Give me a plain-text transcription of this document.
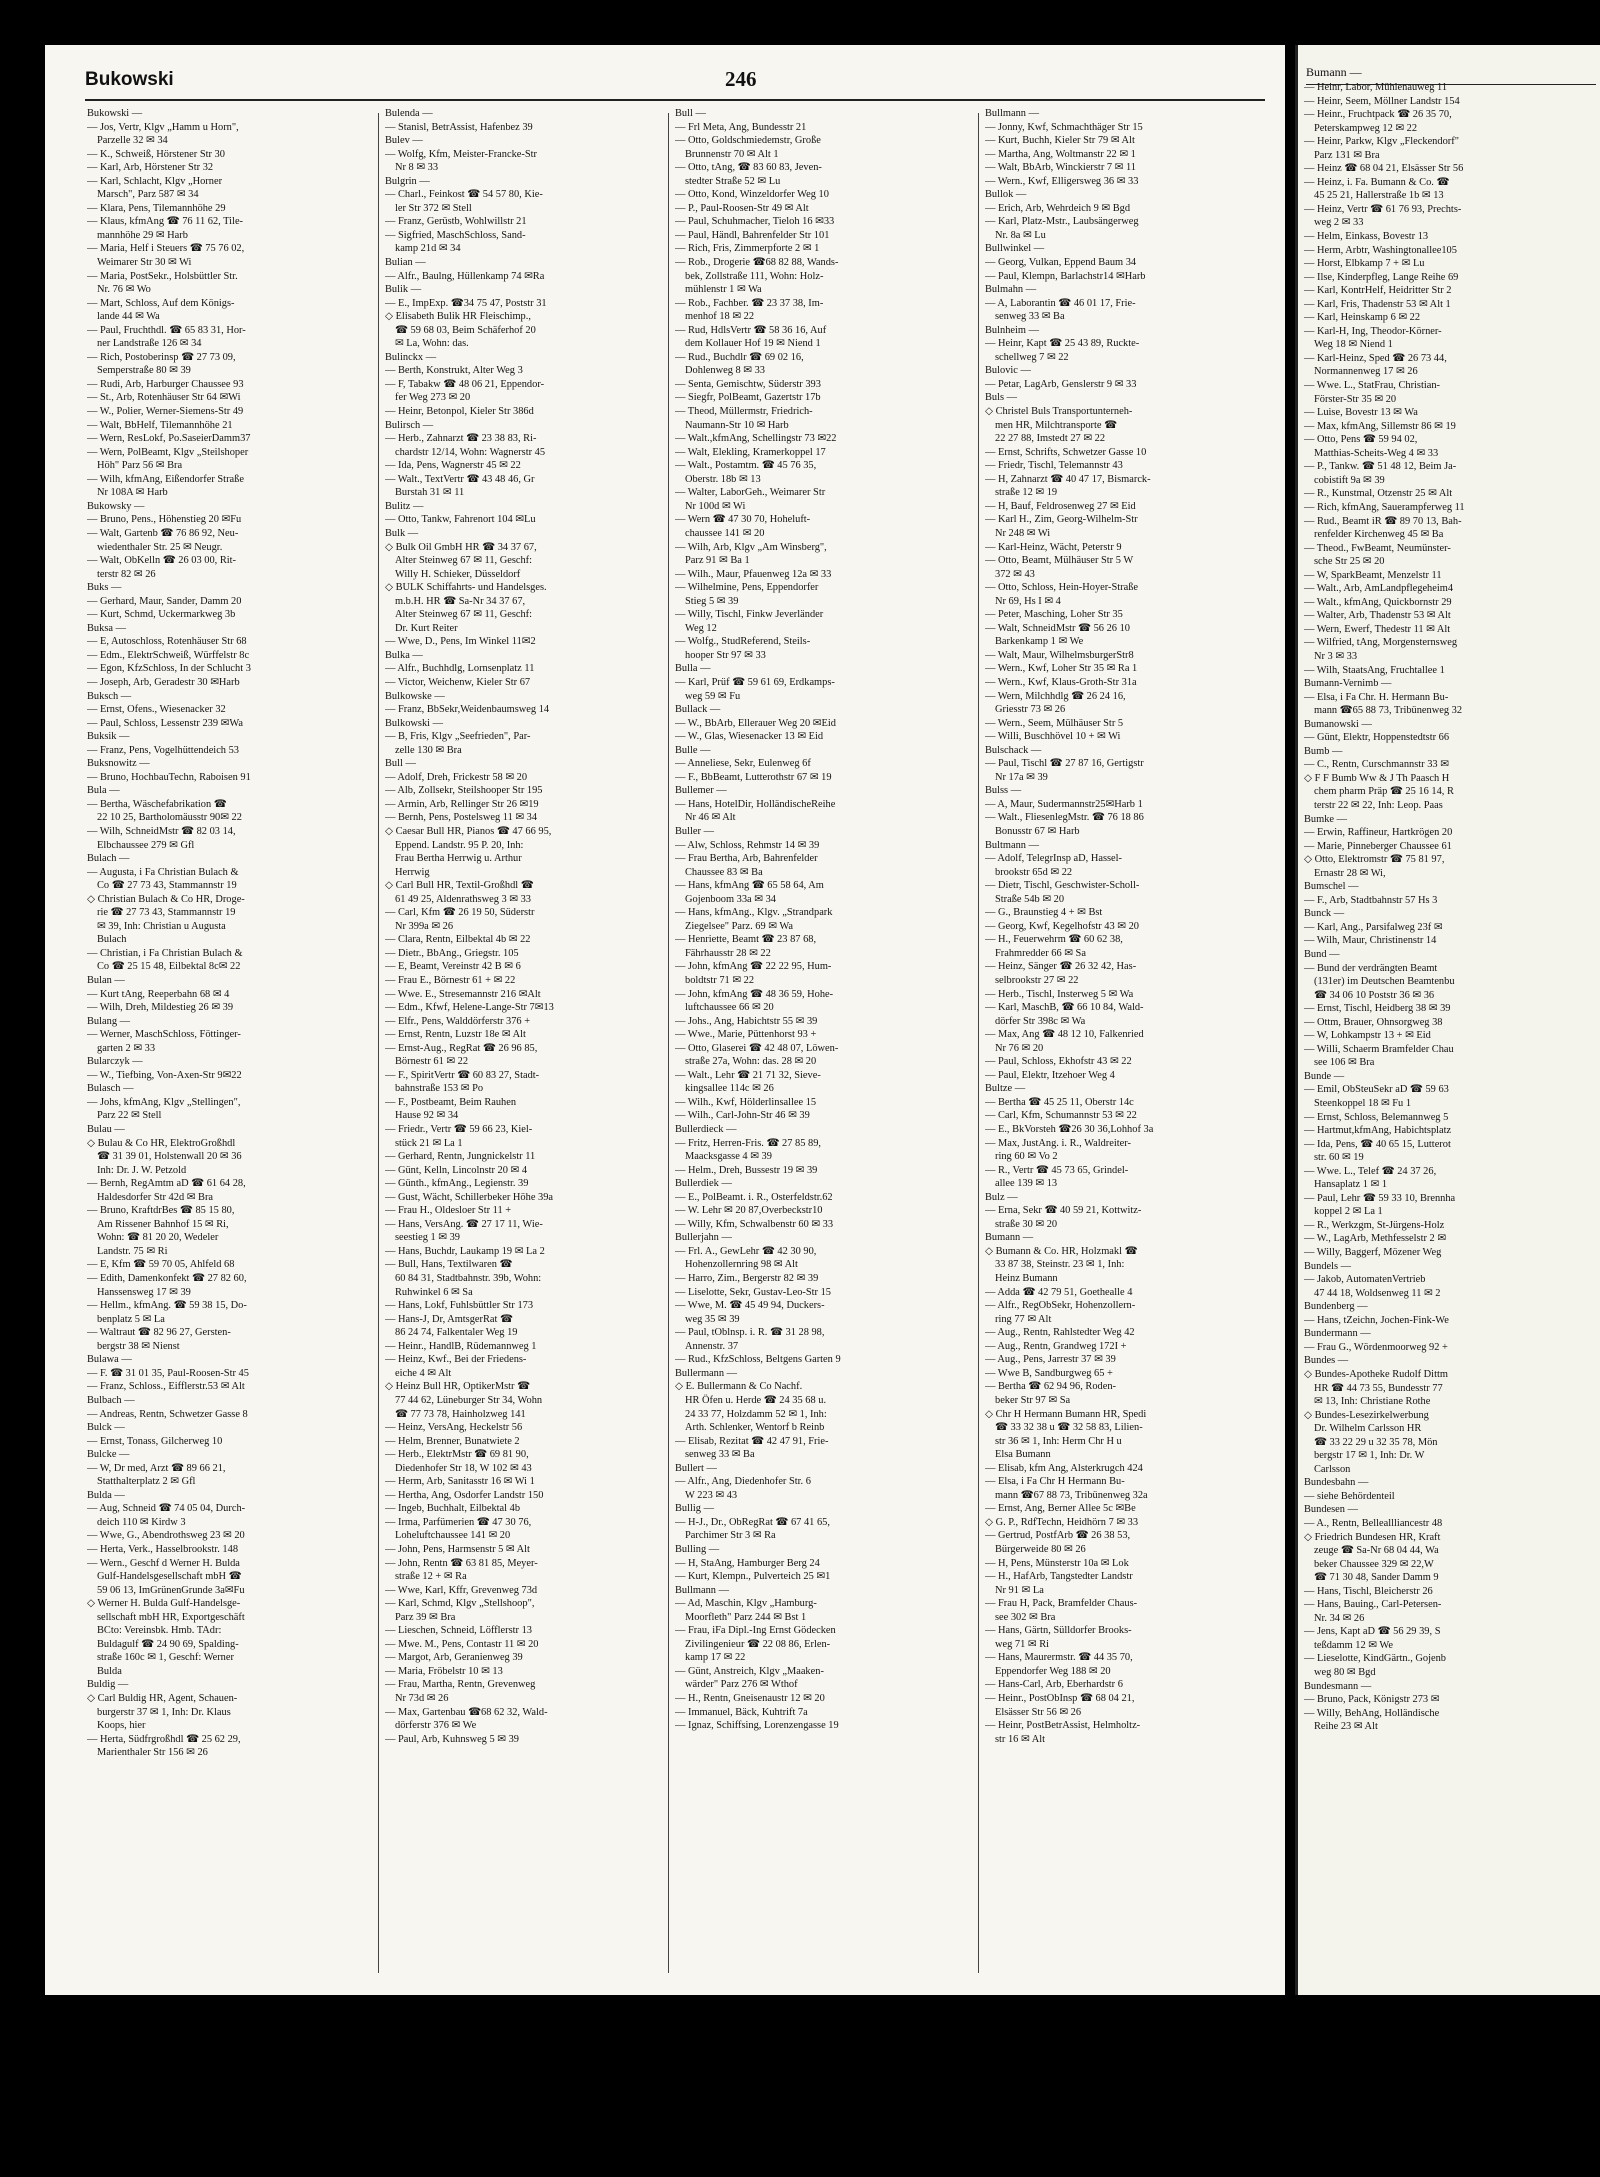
Bukowski	246
Bukowski —
— Jos, Vertr, Klgv „Hamm u Horn",
Parzelle 32 ✉ 34
— K., Schweiß, Hörstener Str 30
— Karl, Arb, Hörstener Str 32
— Karl, Schlacht, Klgv „Horner
Marsch", Parz 587 ✉ 34
— Klara, Pens, Tilemannhöhe 29
— Klaus, kfmAng ☎ 76 11 62, Tile-
mannhöhe 29 ✉ Harb
— Maria, Helf i Steuers ☎ 75 76 02,
Weimarer Str 30 ✉ Wi
— Maria, PostSekr., Holsbüttler Str.
Nr. 76 ✉ Wo
— Mart, Schloss, Auf dem Königs-
lande 44 ✉ Wa
— Paul, Fruchthdl. ☎ 65 83 31, Hor-
ner Landstraße 126 ✉ 34
— Rich, Postoberinsp ☎ 27 73 09,
Semperstraße 80 ✉ 39
— Rudi, Arb, Harburger Chaussee 93
— St., Arb, Rotenhäuser Str 64 ✉Wi
— W., Polier, Werner-Siemens-Str 49
— Walt, BbHelf, Tilemannhöhe 21
— Wern, ResLokf, Po.SaseierDamm37
— Wern, PolBeamt, Klgv „Steilshoper
Höh" Parz 56 ✉ Bra
— Wilh, kfmAng, Eißendorfer Straße
Nr 108A ✉ Harb
Bukowsky —
— Bruno, Pens., Höhenstieg 20 ✉Fu
— Walt, Gartenb ☎ 76 86 92, Neu-
wiedenthaler Str. 25 ✉ Neugr.
— Walt, ObKelln ☎ 26 03 00, Rit-
terstr 82 ✉ 26
Buks —
— Gerhard, Maur, Sander, Damm 20
— Kurt, Schmd, Uckermarkweg 3b
Buksa —
— E, Autoschloss, Rotenhäuser Str 68
— Edm., ElektrSchweiß, Würffelstr 8c
— Egon, KfzSchloss, In der Schlucht 3
— Joseph, Arb, Geradestr 30 ✉Harb
Buksch —
— Ernst, Ofens., Wiesenacker 32
— Paul, Schloss, Lessenstr 239 ✉Wa
Buksik —
— Franz, Pens, Vogelhüttendeich 53
Buksnowitz —
— Bruno, HochbauTechn, Raboisen 91
Bula —
— Bertha, Wäschefabrikation ☎
22 10 25, Bartholomäusstr 90✉ 22
— Wilh, SchneidMstr ☎ 82 03 14,
Elbchaussee 279 ✉ Gfl
Bulach —
— Augusta, i Fa Christian Bulach &
Co ☎ 27 73 43, Stammannstr 19
◇ Christian Bulach & Co HR, Droge-
rie ☎ 27 73 43, Stammannstr 19
✉ 39, Inh: Christian u Augusta
Bulach
— Christian, i Fa Christian Bulach &
Co ☎ 25 15 48, Eilbektal 8c✉ 22
Bulan —
— Kurt tAng, Reeperbahn 68 ✉ 4
— Wilh, Dreh, Mildestieg 26 ✉ 39
Bulang —
— Werner, MaschSchloss, Föttinger-
garten 2 ✉ 33
Bularczyk —
— W., Tiefbing, Von-Axen-Str 9✉22
Bulasch —
— Johs, kfmAng, Klgv „Stellingen",
Parz 22 ✉ Stell
Bulau —
◇ Bulau & Co HR, ElektroGroßhdl
☎ 31 39 01, Holstenwall 20 ✉ 36
Inh: Dr. J. W. Petzold
— Bernh, RegAmtm aD ☎ 61 64 28,
Haldesdorfer Str 42d ✉ Bra
— Bruno, KraftdrBes ☎ 85 15 80,
Am Rissener Bahnhof 15 ✉ Ri,
Wohn: ☎ 81 20 20, Wedeler
Landstr. 75 ✉ Ri
— E, Kfm ☎ 59 70 05, Ahlfeld 68
— Edith, Damenkonfekt ☎ 27 82 60,
Hanssensweg 17 ✉ 39
— Hellm., kfmAng. ☎ 59 38 15, Do-
benplatz 5 ✉ La
— Waltraut ☎ 82 96 27, Gersten-
bergstr 38 ✉ Nienst
Bulawa —
— F. ☎ 31 01 35, Paul-Roosen-Str 45
— Franz, Schloss., Eifflerstr.53 ✉ Alt
Bulbach —
— Andreas, Rentn, Schwetzer Gasse 8
Bulck —
— Ernst, Tonass, Gilcherweg 10
Bulcke —
— W, Dr med, Arzt ☎ 89 66 21,
Statthalterplatz 2 ✉ Gfl
Bulda —
— Aug, Schneid ☎ 74 05 04, Durch-
deich 110 ✉ Kirdw 3
— Wwe, G., Abendrothsweg 23 ✉ 20
— Herta, Verk., Hasselbrookstr. 148
— Wern., Geschf d Werner H. Bulda
Gulf-Handelsgesellschaft mbH ☎
59 06 13, ImGrünenGrunde 3a✉Fu
◇ Werner H. Bulda Gulf-Handelsge-
sellschaft mbH HR, Exportgeschäft
BCto: Vereinsbk. Hmb. TAdr:
Buldagulf ☎ 24 90 69, Spalding-
straße 160c ✉ 1, Geschf: Werner
Bulda
Buldig —
◇ Carl Buldig HR, Agent, Schauen-
burgerstr 37 ✉ 1, Inh: Dr. Klaus
Koops, hier
— Herta, Südfrgroßhdl ☎ 25 62 29,
Marienthaler Str 156 ✉ 26
Bulenda —
— Stanisl, BetrAssist, Hafenbez 39
Bulev —
— Wolfg, Kfm, Meister-Francke-Str
Nr 8 ✉ 33
Bulgrin —
— Charl., Feinkost ☎ 54 57 80, Kie-
ler Str 372 ✉ Stell
— Franz, Gerüstb, Wohlwillstr 21
— Sigfried, MaschSchloss, Sand-
kamp 21d ✉ 34
Bulian —
— Alfr., Baulng, Hüllenkamp 74 ✉Ra
Bulik —
— E., ImpExp. ☎34 75 47, Poststr 31
◇ Elisabeth Bulik HR Fleischimp.,
☎ 59 68 03, Beim Schäferhof 20
✉ La, Wohn: das.
Bulinckx —
— Berth, Konstrukt, Alter Weg 3
— F, Tabakw ☎ 48 06 21, Eppendor-
fer Weg 273 ✉ 20
— Heinr, Betonpol, Kieler Str 386d
Bulirsch —
— Herb., Zahnarzt ☎ 23 38 83, Ri-
chardstr 12/14, Wohn: Wagnerstr 45
— Ida, Pens, Wagnerstr 45 ✉ 22
— Walt., TextVertr ☎ 43 48 46, Gr
Burstah 31 ✉ 11
Bulitz —
— Otto, Tankw, Fahrenort 104 ✉Lu
Bulk —
◇ Bulk Oil GmbH HR ☎ 34 37 67,
Alter Steinweg 67 ✉ 11, Geschf:
Willy H. Schieker, Düsseldorf
◇ BULK Schiffahrts- und Handelsges.
m.b.H. HR ☎ Sa-Nr 34 37 67,
Alter Steinweg 67 ✉ 11, Geschf:
Dr. Kurt Reiter
— Wwe, D., Pens, Im Winkel 11✉2
Bulka —
— Alfr., Buchhdlg, Lornsenplatz 11
— Victor, Weichenw, Kieler Str 67
Bulkowske —
— Franz, BbSekr,Weidenbaumsweg 14
Bulkowski —
— B, Fris, Klgv „Seefrieden", Par-
zelle 130 ✉ Bra
Bull —
— Adolf, Dreh, Frickestr 58 ✉ 20
— Alb, Zollsekr, Steilshooper Str 195
— Armin, Arb, Rellinger Str 26 ✉19
— Bernh, Pens, Postelsweg 11 ✉ 34
◇ Caesar Bull HR, Pianos ☎ 47 66 95,
Eppend. Landstr. 95 P. 20, Inh:
Frau Bertha Herrwig u. Arthur
Herrwig
◇ Carl Bull HR, Textil-Großhdl ☎
61 49 25, Aldenrathsweg 3 ✉ 33
— Carl, Kfm ☎ 26 19 50, Süderstr
Nr 399a ✉ 26
— Clara, Rentn, Eilbektal 4b ✉ 22
— Dietr., BbAng., Griegstr. 105
— E, Beamt, Vereinstr 42 B ✉ 6
— Frau E., Börnestr 61 + ✉ 22
— Wwe. E., Stresemannstr 216 ✉Alt
— Edm., Kfwf, Helene-Lange-Str 7✉13
— Elfr., Pens, Walddörferstr 376 +
— Ernst, Rentn, Luzstr 18e ✉ Alt
— Ernst-Aug., RegRat ☎ 26 96 85,
Börnestr 61 ✉ 22
— F., SpiritVertr ☎ 60 83 27, Stadt-
bahnstraße 153 ✉ Po
— F., Postbeamt, Beim Rauhen
Hause 92 ✉ 34
— Friedr., Vertr ☎ 59 66 23, Kiel-
stück 21 ✉ La 1
— Gerhard, Rentn, Jungnickelstr 11
— Günt, Kelln, Lincolnstr 20 ✉ 4
— Günth., kfmAng., Legienstr. 39
— Gust, Wächt, Schillerbeker Höhe 39a
— Frau H., Oldesloer Str 11 +
— Hans, VersAng. ☎ 27 17 11, Wie-
seestieg 1 ✉ 39
— Hans, Buchdr, Laukamp 19 ✉ La 2
— Bull, Hans, Textilwaren ☎
60 84 31, Stadtbahnstr. 39b, Wohn:
Ruhwinkel 6 ✉ Sa
— Hans, Lokf, Fuhlsbüttler Str 173
— Hans-J, Dr, AmtsgerRat ☎
86 24 74, Falkentaler Weg 19
— Heinr., HandlB, Rüdemannweg 1
— Heinz, Kwf., Bei der Friedens-
eiche 4 ✉ Alt
◇ Heinz Bull HR, OptikerMstr ☎
77 44 62, Lüneburger Str 34, Wohn
☎ 77 73 78, Hainholzweg 141
— Heinz, VersAng, Heckelstr 56
— Helm, Brenner, Bunatwiete 2
— Herb., ElektrMstr ☎ 69 81 90,
Diedenhofer Str 18, W 102 ✉ 43
— Herm, Arb, Sanitasstr 16 ✉ Wi 1
— Hertha, Ang, Osdorfer Landstr 150
— Ingeb, Buchhalt, Eilbektal 4b
— Irma, Parfümerien ☎ 47 30 76,
Loheluftchaussee 141 ✉ 20
— John, Pens, Harmsenstr 5 ✉ Alt
— John, Rentn ☎ 63 81 85, Meyer-
straße 12 + ✉ Ra
— Wwe, Karl, Kffr, Grevenweg 73d
— Karl, Schmd, Klgv „Stellshoop",
Parz 39 ✉ Bra
— Lieschen, Schneid, Löfflerstr 13
— Mwe. M., Pens, Contastr 11 ✉ 20
— Margot, Arb, Geranienweg 39
— Maria, Fröbelstr 10 ✉ 13
— Frau, Martha, Rentn, Grevenweg
Nr 73d ✉ 26
— Max, Gartenbau ☎68 62 32, Wald-
dörferstr 376 ✉ We
— Paul, Arb, Kuhnsweg 5 ✉ 39
Bull —
— Frl Meta, Ang, Bundesstr 21
— Otto, Goldschmiedemstr, Große
Brunnenstr 70 ✉ Alt 1
— Otto, tAng, ☎ 83 60 83, Jeven-
stedter Straße 52 ✉ Lu
— Otto, Kond, Winzeldorfer Weg 10
— P., Paul-Roosen-Str 49 ✉ Alt
— Paul, Schuhmacher, Tieloh 16 ✉33
— Paul, Händl, Bahrenfelder Str 101
— Rich, Fris, Zimmerpforte 2 ✉ 1
— Rob., Drogerie ☎68 82 88, Wands-
bek, Zollstraße 111, Wohn: Holz-
mühlenstr 1 ✉ Wa
— Rob., Fachber. ☎ 23 37 38, Im-
menhof 18 ✉ 22
— Rud, HdlsVertr ☎ 58 36 16, Auf
dem Kollauer Hof 19 ✉ Niend 1
— Rud., Buchdlr ☎ 69 02 16,
Dohlenweg 8 ✉ 33
— Senta, Gemischtw, Süderstr 393
— Siegfr, PolBeamt, Gazertstr 17b
— Theod, Müllermstr, Friedrich-
Naumann-Str 10 ✉ Harb
— Walt.,kfmAng, Schellingstr 73 ✉22
— Walt, Elekling, Kramerkoppel 17
— Walt., Postamtm. ☎ 45 76 35,
Oberstr. 18b ✉ 13
— Walter, LaborGeh., Weimarer Str
Nr 100d ✉ Wi
— Wern ☎ 47 30 70, Hoheluft-
chaussee 141 ✉ 20
— Wilh, Arb, Klgv „Am Winsberg",
Parz 91 ✉ Ba 1
— Wilh., Maur, Pfauenweg 12a ✉ 33
— Wilhelmine, Pens, Eppendorfer
Stieg 5 ✉ 39
— Willy, Tischl, Finkw Jeverländer
Weg 12
— Wolfg., StudReferend, Steils-
hooper Str 97 ✉ 33
Bulla —
— Karl, Prüf ☎ 59 61 69, Erdkamps-
weg 59 ✉ Fu
Bullack —
— W., BbArb, Ellerauer Weg 20 ✉Eid
— W., Glas, Wiesenacker 13 ✉ Eid
Bulle —
— Anneliese, Sekr, Eulenweg 6f
— F., BbBeamt, Lutterothstr 67 ✉ 19
Bullemer —
— Hans, HotelDir, HolländischeReihe
Nr 46 ✉ Alt
Buller —
— Alw, Schloss, Rehmstr 14 ✉ 39
— Frau Bertha, Arb, Bahrenfelder
Chaussee 83 ✉ Ba
— Hans, kfmAng ☎ 65 58 64, Am
Gojenboom 33a ✉ 34
— Hans, kfmAng., Klgv. „Strandpark
Ziegelsee" Parz. 69 ✉ Wa
— Henriette, Beamt ☎ 23 87 68,
Fährhausstr 28 ✉ 22
— John, kfmAng ☎ 22 22 95, Hum-
boldtstr 71 ✉ 22
— John, kfmAng ☎ 48 36 59, Hohe-
luftchaussee 66 ✉ 20
— Johs., Ang, Habichtstr 55 ✉ 39
— Wwe., Marie, Püttenhorst 93 +
— Otto, Glaserei ☎ 42 48 07, Löwen-
straße 27a, Wohn: das. 28 ✉ 20
— Walt., Lehr ☎ 21 71 32, Sieve-
kingsallee 114c ✉ 26
— Wilh., Kwf, Hölderlinsallee 15
— Wilh., Carl-John-Str 46 ✉ 39
Bullerdieck —
— Fritz, Herren-Fris. ☎ 27 85 89,
Maacksgasse 4 ✉ 39
— Helm., Dreh, Bussestr 19 ✉ 39
Bullerdiek —
— E., PolBeamt. i. R., Osterfeldstr.62
— W. Lehr ✉ 20 87,Overbeckstr10
— Willy, Kfm, Schwalbenstr 60 ✉ 33
Bullerjahn —
— Frl. A., GewLehr ☎ 42 30 90,
Hohenzollernring 98 ✉ Alt
— Harro, Zim., Bergerstr 82 ✉ 39
— Liselotte, Sekr, Gustav-Leo-Str 15
— Wwe, M. ☎ 45 49 94, Duckers-
weg 35 ✉ 39
— Paul, tOblnsp. i. R. ☎ 31 28 98,
Annenstr. 37
— Rud., KfzSchloss, Beltgens Garten 9
Bullermann —
◇ E. Bullermann & Co Nachf.
HR Öfen u. Herde ☎ 24 35 68 u.
24 33 77, Holzdamm 52 ✉ 1, Inh:
Arth. Schlenker, Wentorf b Reinb
— Elisab, Rezitat ☎ 42 47 91, Frie-
senweg 33 ✉ Ba
Bullert —
— Alfr., Ang, Diedenhofer Str. 6
W 223 ✉ 43
Bullig —
— H-J., Dr., ObRegRat ☎ 67 41 65,
Parchimer Str 3 ✉ Ra
Bulling —
— H, StaAng, Hamburger Berg 24
— Kurt, Klempn., Pulverteich 25 ✉1
Bullmann —
— Ad, Maschin, Klgv „Hamburg-
Moorfleth" Parz 244 ✉ Bst 1
— Frau, iFa Dipl.-Ing Ernst Gödecken
Zivilingenieur ☎ 22 08 86, Erlen-
kamp 17 ✉ 22
— Günt, Anstreich, Klgv „Maaken-
wärder" Parz 276 ✉ Wthof
— H., Rentn, Gneisenaustr 12 ✉ 20
— Immanuel, Bäck, Kuhtrift 7a
— Ignaz, Schiffsing, Lorenzengasse 19
Bullmann —
— Jonny, Kwf, Schmachthäger Str 15
— Kurt, Buchh, Kieler Str 79 ✉ Alt
— Martha, Ang, Woltmanstr 22 ✉ 1
— Walt, BbArb, Winckierstr 7 ✉ 11
— Wern., Kwf, Elligersweg 36 ✉ 33
Bullok —
— Erich, Arb, Wehrdeich 9 ✉ Bgd
— Karl, Platz-Mstr., Laubsängerweg
Nr. 8a ✉ Lu
Bullwinkel —
— Georg, Vulkan, Eppend Baum 34
— Paul, Klempn, Barlachstr14 ✉Harb
Bulmahn —
— A, Laborantin ☎ 46 01 17, Frie-
senweg 33 ✉ Ba
Bulnheim —
— Heinr, Kapt ☎ 25 43 89, Ruckte-
schellweg 7 ✉ 22
Bulovic —
— Petar, LagArb, Genslerstr 9 ✉ 33
Buls —
◇ Christel Buls Transportunterneh-
men HR, Milchtransporte ☎
22 27 88, Imstedt 27 ✉ 22
— Ernst, Schrifts, Schwetzer Gasse 10
— Friedr, Tischl, Telemannstr 43
— H, Zahnarzt ☎ 40 47 17, Bismarck-
straße 12 ✉ 19
— H, Bauf, Feldrosenweg 27 ✉ Eid
— Karl H., Zim, Georg-Wilhelm-Str
Nr 248 ✉ Wi
— Karl-Heinz, Wächt, Peterstr 9
— Otto, Beamt, Mülhäuser Str 5 W
372 ✉ 43
— Otto, Schloss, Hein-Hoyer-Straße
Nr 69, Hs I ✉ 4
— Peter, Masching, Loher Str 35
— Walt, SchneidMstr ☎ 56 26 10
Barkenkamp 1 ✉ We
— Walt, Maur, WilhelmsburgerStr8
— Wern., Kwf, Loher Str 35 ✉ Ra 1
— Wern., Kwf, Klaus-Groth-Str 31a
— Wern, Milchhdlg ☎ 26 24 16,
Griesstr 73 ✉ 26
— Wern., Seem, Mülhäuser Str 5
— Willi, Buschhövel 10 + ✉ Wi
Bulschack —
— Paul, Tischl ☎ 27 87 16, Gertigstr
Nr 17a ✉ 39
Bulss —
— A, Maur, Sudermannstr25✉Harb 1
— Walt., FliesenlegMstr. ☎ 76 18 86
Bonusstr 67 ✉ Harb
Bultmann —
— Adolf, TelegrInsp aD, Hassel-
brookstr 65d ✉ 22
— Dietr, Tischl, Geschwister-Scholl-
Straße 54b ✉ 20
— G., Braunstieg 4 + ✉ Bst
— Georg, Kwf, Kegelhofstr 43 ✉ 20
— H., Feuerwehrm ☎ 60 62 38,
Frahmredder 66 ✉ Sa
— Heinz, Sänger ☎ 26 32 42, Has-
selbrookstr 27 ✉ 22
— Herb., Tischl, Insterweg 5 ✉ Wa
— Karl, MaschB, ☎ 66 10 84, Wald-
dörfer Str 398c ✉ Wa
— Max, Ang ☎ 48 12 10, Falkenried
Nr 76 ✉ 20
— Paul, Schloss, Ekhofstr 43 ✉ 22
— Paul, Elektr, Itzehoer Weg 4
Bultze —
— Bertha ☎ 45 25 11, Oberstr 14c
— Carl, Kfm, Schumannstr 53 ✉ 22
— E., BkVorsteh ☎26 30 36,Lohhof 3a
— Max, JustAng. i. R., Waldreiter-
ring 60 ✉ Vo 2
— R., Vertr ☎ 45 73 65, Grindel-
allee 139 ✉ 13
Bulz —
— Erna, Sekr ☎ 40 59 21, Kottwitz-
straße 30 ✉ 20
Bumann —
◇ Bumann & Co. HR, Holzmakl ☎
33 87 38, Steinstr. 23 ✉ 1, Inh:
Heinz Bumann
— Adda ☎ 42 79 51, Goethealle 4
— Alfr., RegObSekr, Hohenzollern-
ring 77 ✉ Alt
— Aug., Rentn, Rahlstedter Weg 42
— Aug., Rentn, Grandweg 172I +
— Aug., Pens, Jarrestr 37 ✉ 39
— Wwe B, Sandburgweg 65 +
— Bertha ☎ 62 94 96, Roden-
beker Str 97 ✉ Sa
◇ Chr H Hermann Bumann HR, Spedi
☎ 33 32 38 u ☎ 32 58 83, Lilien-
str 36 ✉ 1, Inh: Herm Chr H u
Elsa Bumann
— Elisab, kfm Ang, Alsterkrugch 424
— Elsa, i Fa Chr H Hermann Bu-
mann ☎67 88 73, Tribünenweg 32a
— Ernst, Ang, Berner Allee 5c ✉Be
◇ G. P., RdfTechn, Heidhörn 7 ✉ 33
— Gertrud, PostfArb ☎ 26 38 53,
Bürgerweide 80 ✉ 26
— H, Pens, Münsterstr 10a ✉ Lok
— H., HafArb, Tangstedter Landstr
Nr 91 ✉ La
— Frau H, Pack, Bramfelder Chaus-
see 302 ✉ Bra
— Hans, Gärtn, Sülldorfer Brooks-
weg 71 ✉ Ri
— Hans, Maurermstr. ☎ 44 35 70,
Eppendorfer Weg 188 ✉ 20
— Hans-Carl, Arb, Eberhardstr 6
— Heinr., PostObInsp ☎ 68 04 21,
Elsässer Str 56 ✉ 26
— Heinr, PostBetrAssist, Helmholtz-
str 16 ✉ Alt
Bumann —
— Heinr, Labor, Mühlenauweg 11
— Heinr, Seem, Möllner Landstr 154
— Heinr., Fruchtpack ☎ 26 35 70,
Peterskampweg 12 ✉ 22
— Heinr, Parkw, Klgv „Fleckendorf"
Parz 131 ✉ Bra
— Heinz ☎ 68 04 21, Elsässer Str 56
— Heinz, i. Fa. Bumann & Co. ☎
45 25 21, Hallerstraße 1b ✉ 13
— Heinz, Vertr ☎ 61 76 93, Prechts-
weg 2 ✉ 33
— Helm, Einkass, Bovestr 13
— Herm, Arbtr, Washingtonallee105
— Horst, Elbkamp 7 + ✉ Lu
— Ilse, Kinderpfleg, Lange Reihe 69
— Karl, KontrHelf, Heidritter Str 2
— Karl, Fris, Thadenstr 53 ✉ Alt 1
— Karl, Heinskamp 6 ✉ 22
— Karl-H, Ing, Theodor-Körner-
Weg 18 ✉ Niend 1
— Karl-Heinz, Sped ☎ 26 73 44,
Normannenweg 17 ✉ 26
— Wwe. L., StatFrau, Christian-
Förster-Str 35 ✉ 20
— Luise, Bovestr 13 ✉ Wa
— Max, kfmAng, Sillemstr 86 ✉ 19
— Otto, Pens ☎ 59 94 02,
Matthias-Scheits-Weg 4 ✉ 33
— P., Tankw. ☎ 51 48 12, Beim Ja-
cobistift 9a ✉ 39
— R., Kunstmal, Otzenstr 25 ✉ Alt
— Rich, kfmAng, Sauerampferweg 11
— Rud., Beamt iR ☎ 89 70 13, Bah-
renfelder Kirchenweg 45 ✉ Ba
— Theod., FwBeamt, Neumünster-
sche Str 25 ✉ 20
— W, SparkBeamt, Menzelstr 11
— Walt., Arb, AmLandpflegeheim4
— Walt., kfmAng, Quickbornstr 29
— Walter, Arb, Thadenstr 53 ✉ Alt
— Wern, Ewerf, Thedestr 11 ✉ Alt
— Wilfried, tAng, Morgensternsweg
Nr 3 ✉ 33
— Wilh, StaatsAng, Fruchtallee 1
Bumann-Vernimb —
— Elsa, i Fa Chr. H. Hermann Bu-
mann ☎65 88 73, Tribünenweg 32
Bumanowski —
— Günt, Elektr, Hoppenstedtstr 66
Bumb —
— C., Rentn, Curschmannstr 33 ✉
◇ F F Bumb Ww & J Th Paasch H
chem pharm Präp ☎ 25 16 14, R
terstr 22 ✉ 22, Inh: Leop. Paas
Bumke —
— Erwin, Raffineur, Hartkrögen 20
— Marie, Pinneberger Chaussee 61
◇ Otto, Elektromstr ☎ 75 81 97,
Ernastr 28 ✉ Wi,
Bumschel —
— F., Arb, Stadtbahnstr 57 Hs 3
Bunck —
— Karl, Ang., Parsifalweg 23f ✉
— Wilh, Maur, Christinenstr 14
Bund —
— Bund der verdrängten Beamt
(131er) im Deutschen Beamtenbu
☎ 34 06 10 Poststr 36 ✉ 36
— Ernst, Tischl, Heidberg 38 ✉ 39
— Ottm, Brauer, Ohnsorgweg 38
— W, Lohkampstr 13 + ✉ Eid
— Willi, Schaerm Bramfelder Chau
see 106 ✉ Bra
Bunde —
— Emil, ObSteuSekr aD ☎ 59 63
Steenkoppel 18 ✉ Fu 1
— Ernst, Schloss, Belemannweg 5
— Hartmut,kfmAng, Habichtsplatz
— Ida, Pens, ☎ 40 65 15, Lutterot
str. 60 ✉ 19
— Wwe. L., Telef ☎ 24 37 26,
Hansaplatz 1 ✉ 1
— Paul, Lehr ☎ 59 33 10, Brennha
koppel 2 ✉ La 1
— R., Werkzgm, St-Jürgens-Holz
— W., LagArb, Methfesselstr 2 ✉
— Willy, Baggerf, Mözener Weg
Bundels —
— Jakob, AutomatenVertrieb
47 44 18, Woldsenweg 11 ✉ 2
Bundenberg —
— Hans, tZeichn, Jochen-Fink-We
Bundermann —
— Frau G., Wördenmoorweg 92 +
Bundes —
◇ Bundes-Apotheke Rudolf Dittm
HR ☎ 44 73 55, Bundesstr 77
✉ 13, Inh: Christiane Rothe
◇ Bundes-Lesezirkelwerbung
Dr. Wilhelm Carlsson HR
☎ 33 22 29 u 32 35 78, Mön
bergstr 17 ✉ 1, Inh: Dr. W
Carlsson
Bundesbahn —
— siehe Behördenteil
Bundesen —
— A., Rentn, Belleallliancestr 48
◇ Friedrich Bundesen HR, Kraft
zeuge ☎ Sa-Nr 68 04 44, Wa
beker Chaussee 329 ✉ 22,W
☎ 71 30 48, Sander Damm 9
— Hans, Tischl, Bleicherstr 26
— Hans, Bauing., Carl-Petersen-
Nr. 34 ✉ 26
— Jens, Kapt aD ☎ 56 29 39, S
teßdamm 12 ✉ We
— Lieselotte, KindGärtn., Gojenb
weg 80 ✉ Bgd
Bundesmann —
— Bruno, Pack, Königstr 273 ✉
— Willy, BehAng, Holländische
Reihe 23 ✉ Alt
